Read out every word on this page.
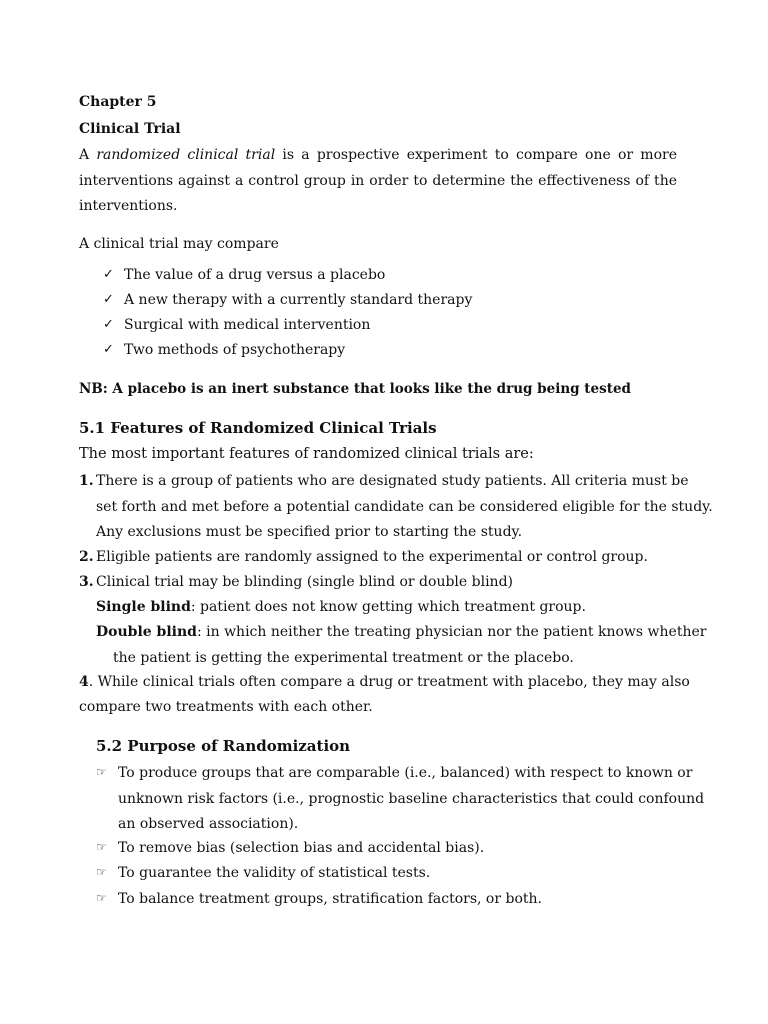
Chapter 5
Clinical Trial
A randomized clinical trial is a prospective experiment to compare one or more
interventions against a control group in order to determine the effectiveness of the
interventions.
A clinical trial may compare
✓ The value of a drug versus a placebo
✓ A new therapy with a currently standard therapy
✓ Surgical with medical intervention
✓ Two methods of psychotherapy
NB: A placebo is an inert substance that looks like the drug being tested
5.1 Features of Randomized Clinical Trials
The most important features of randomized clinical trials are:
1. There is a group of patients who are designated study patients. All criteria must be
set forth and met before a potential candidate can be considered eligible for the study.
Any exclusions must be specified prior to starting the study.
2. Eligible patients are randomly assigned to the experimental or control group.
3. Clinical trial may be blinding (single blind or double blind)
Single blind: patient does not know getting which treatment group.
Double blind: in which neither the treating physician nor the patient knows whether
the patient is getting the experimental treatment or the placebo.
4. While clinical trials often compare a drug or treatment with placebo, they may also
compare two treatments with each other.
5.2 Purpose of Randomization
☞ To produce groups that are comparable (i.e., balanced) with respect to known or
unknown risk factors (i.e., prognostic baseline characteristics that could confound
an observed association).
☞ To remove bias (selection bias and accidental bias).
☞ To guarantee the validity of statistical tests.
☞ To balance treatment groups, stratification factors, or both.
